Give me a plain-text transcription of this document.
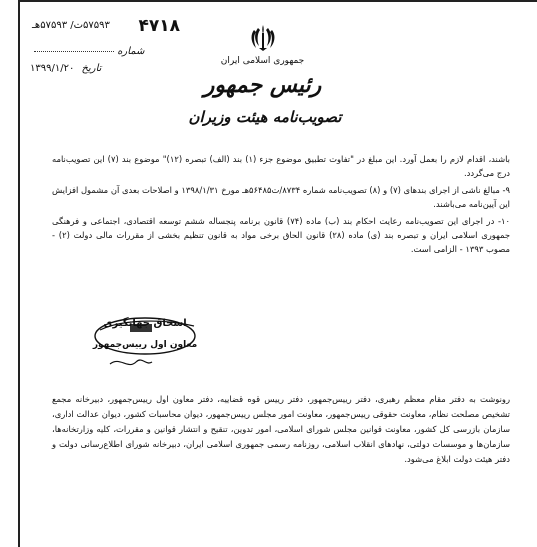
۴۷۱۸
۵۷۵۹۳ت/ ۵۷۵۹۳هـ
شماره
تاریخ ۱۳۹۹/۱/۲۰
جمهوری اسلامی ایران
رئیس جمهور
تصویب‌نامه هیئت وزیران

باشند، اقدام لازم را بعمل آورد. این مبلغ در "تفاوت تطبیق موضوع جزء (۱) بند (الف) تبصره (۱۲)" موضوع بند (۷) این تصویب‌نامه درج می‌گردد.

۹- مبالغ ناشی از اجرای بندهای (۷) و (۸) تصویب‌نامه شماره ۸۷۳۴/ت۵۶۴۸۵هـ مورخ ۱۳۹۸/۱/۳۱ و اصلاحات بعدی آن مشمول افزایش این آیین‌نامه می‌باشند.

۱۰- در اجرای این تصویب‌نامه رعایت احکام بند (ب) ماده (۷۴) قانون برنامه پنجساله ششم توسعه اقتصادی، اجتماعی و فرهنگی جمهوری اسلامی ایران و تبصره بند (ی) ماده (۲۸) قانون الحاق برخی مواد به قانون تنظیم بخشی از مقررات مالی دولت (۲) - مصوب ۱۳۹۳ - الزامی است.

اسحاق جهانگیری
معاون اول رییس‌جمهور

رونوشت به دفتر مقام معظم رهبری، دفتر رییس‌جمهور، دفتر رییس قوه قضاییه، دفتر معاون اول رییس‌جمهور، دبیرخانه مجمع تشخیص مصلحت نظام، معاونت حقوقی رییس‌جمهور، معاونت امور مجلس رییس‌جمهور، دیوان محاسبات کشور، دیوان عدالت اداری، سازمان بازرسی کل کشور، معاونت قوانین مجلس شورای اسلامی، امور تدوین، تنقیح و انتشار قوانین و مقررات، کلیه وزارتخانه‌ها، سازمان‌ها و موسسات دولتی، نهادهای انقلاب اسلامی، روزنامه رسمی جمهوری اسلامی ایران، دبیرخانه شورای اطلاع‌رسانی دولت و دفتر هیئت دولت ابلاغ می‌شود.
